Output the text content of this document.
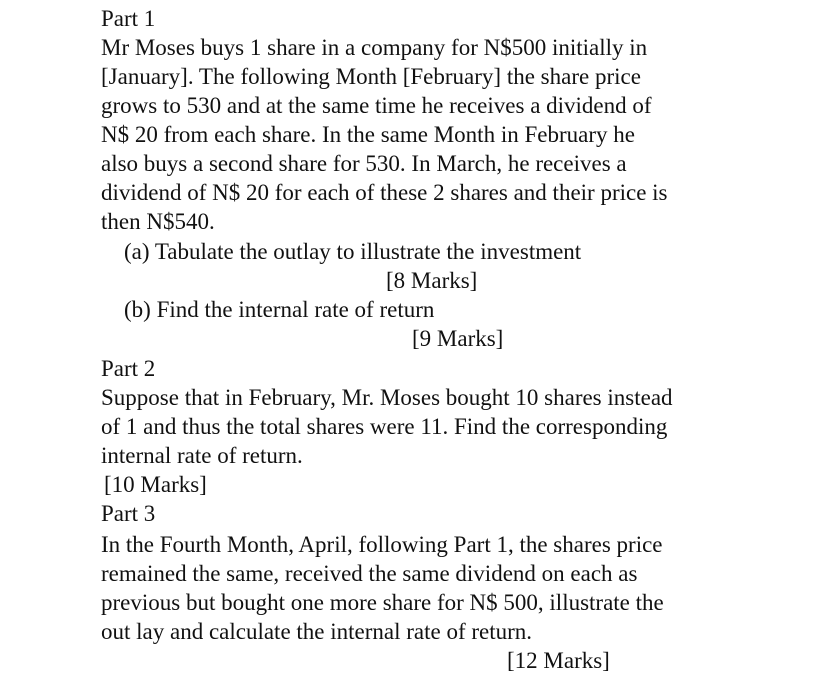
Part 1
Mr Moses buys 1 share in a company for N$500 initially in
[January]. The following Month [February] the share price
grows to 530 and at the same time he receives a dividend of
N$ 20 from each share. In the same Month in February he
also buys a second share for 530. In March, he receives a
dividend of N$ 20 for each of these 2 shares and their price is
then N$540.
(a) Tabulate the outlay to illustrate the investment
[8 Marks]
(b) Find the internal rate of return
[9 Marks]
Part 2
Suppose that in February, Mr. Moses bought 10 shares instead
of 1 and thus the total shares were 11. Find the corresponding
internal rate of return.
[10 Marks]
Part 3
In the Fourth Month, April, following Part 1, the shares price
remained the same, received the same dividend on each as
previous but bought one more share for N$ 500, illustrate the
out lay and calculate the internal rate of return.
[12 Marks]
